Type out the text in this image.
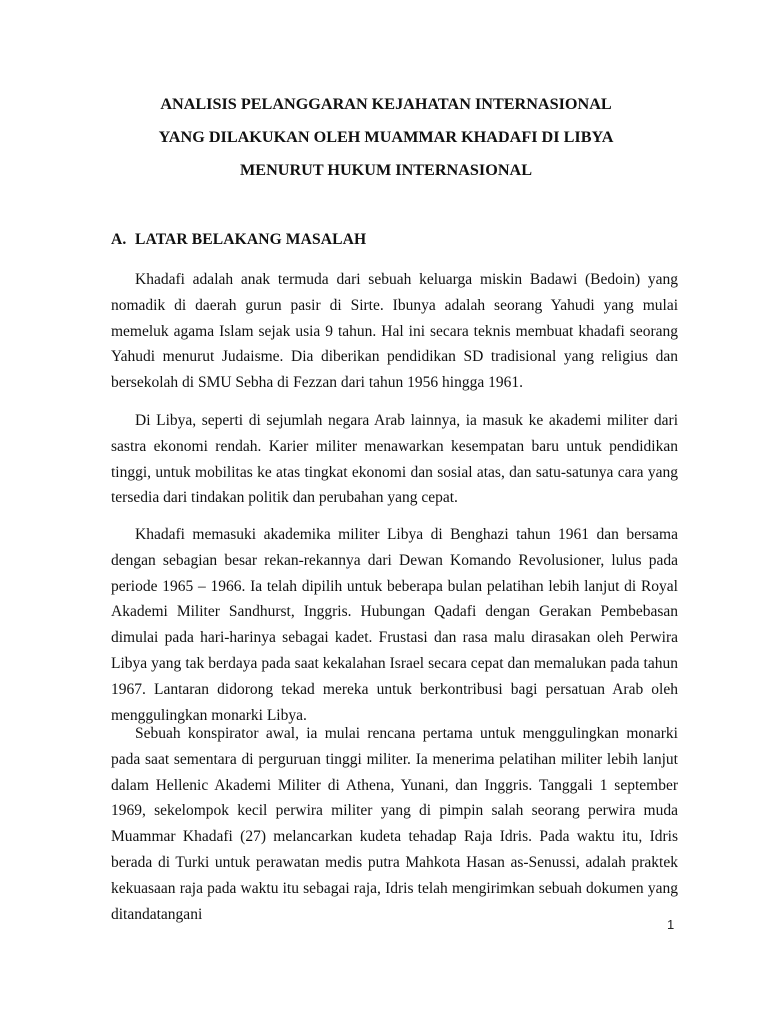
ANALISIS PELANGGARAN KEJAHATAN INTERNASIONAL
YANG DILAKUKAN OLEH MUAMMAR KHADAFI DI LIBYA
MENURUT HUKUM INTERNASIONAL
A. LATAR BELAKANG MASALAH

Khadafi adalah anak termuda dari sebuah keluarga miskin Badawi (Bedoin) yang nomadik di daerah gurun pasir di Sirte. Ibunya adalah seorang Yahudi yang mulai memeluk agama Islam sejak usia 9 tahun. Hal ini secara teknis membuat khadafi seorang Yahudi menurut Judaisme. Dia diberikan pendidikan SD tradisional yang religius dan bersekolah di SMU Sebha di Fezzan dari tahun 1956 hingga 1961.

Di Libya, seperti di sejumlah negara Arab lainnya, ia masuk ke akademi militer dari sastra ekonomi rendah. Karier militer menawarkan kesempatan baru untuk pendidikan tinggi, untuk mobilitas ke atas tingkat ekonomi dan sosial atas, dan satu-satunya cara yang tersedia dari tindakan politik dan perubahan yang cepat.

Khadafi memasuki akademika militer Libya di Benghazi tahun 1961 dan bersama dengan sebagian besar rekan-rekannya dari Dewan Komando Revolusioner, lulus pada periode 1965 – 1966. Ia telah dipilih untuk beberapa bulan pelatihan lebih lanjut di Royal Akademi Militer Sandhurst, Inggris. Hubungan Qadafi dengan Gerakan Pembebasan dimulai pada hari-harinya sebagai kadet. Frustasi dan rasa malu dirasakan oleh Perwira Libya yang tak berdaya pada saat kekalahan Israel secara cepat dan memalukan pada tahun 1967. Lantaran didorong tekad mereka untuk berkontribusi bagi persatuan Arab oleh menggulingkan monarki Libya.

Sebuah konspirator awal, ia mulai rencana pertama untuk menggulingkan monarki pada saat sementara di perguruan tinggi militer. Ia menerima pelatihan militer lebih lanjut dalam Hellenic Akademi Militer di Athena, Yunani, dan Inggris. Tanggali 1 september 1969, sekelompok kecil perwira militer yang di pimpin salah seorang perwira muda Muammar Khadafi (27) melancarkan kudeta tehadap Raja Idris. Pada waktu itu, Idris berada di Turki untuk perawatan medis putra Mahkota Hasan as-Senussi, adalah praktek kekuasaan raja pada waktu itu sebagai raja, Idris telah mengirimkan sebuah dokumen yang ditandatangani

1
